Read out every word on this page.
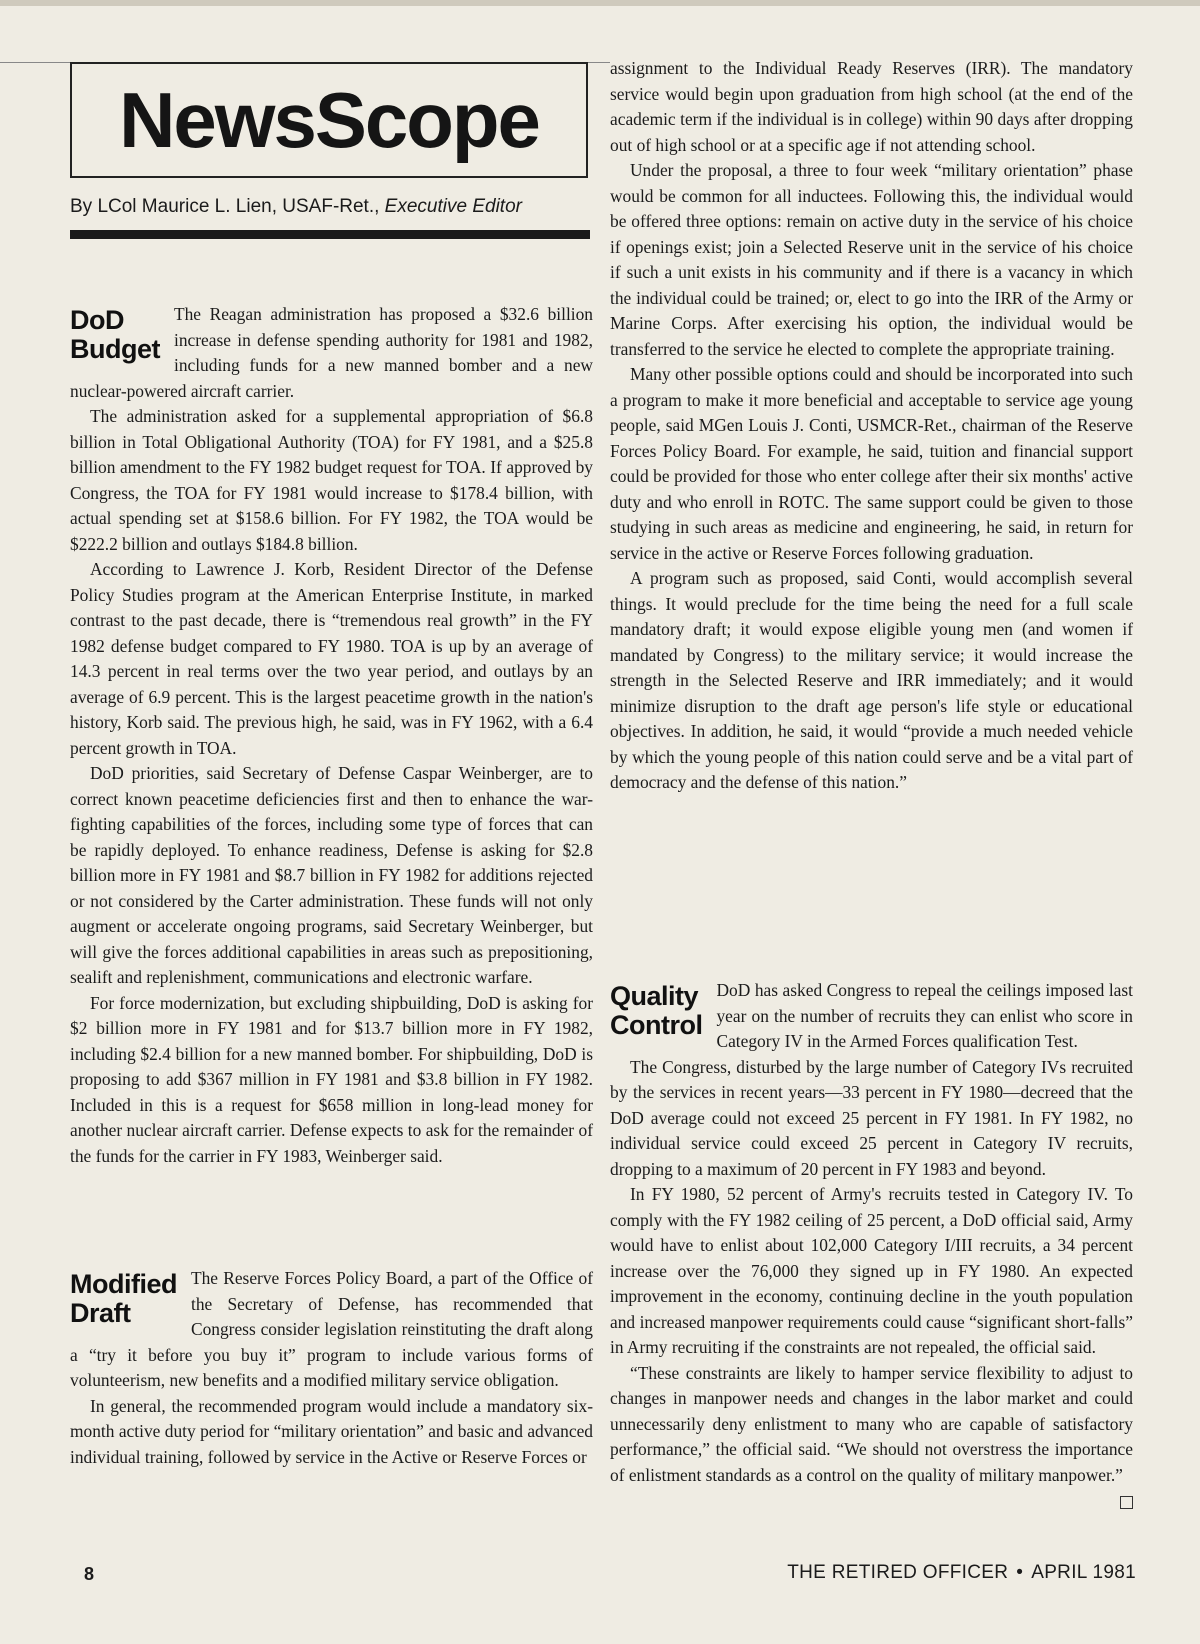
NewsScope
By LCol Maurice L. Lien, USAF-Ret., Executive Editor
DoD
Budget

The Reagan administration has proposed a $32.6 billion increase in defense spending authority for 1981 and 1982, including funds for a new manned bomber and a new nuclear-powered aircraft carrier.

The administration asked for a supplemental appropriation of $6.8 billion in Total Obligational Authority (TOA) for FY 1981, and a $25.8 billion amendment to the FY 1982 budget request for TOA. If approved by Congress, the TOA for FY 1981 would increase to $178.4 billion, with actual spending set at $158.6 billion. For FY 1982, the TOA would be $222.2 billion and outlays $184.8 billion.

According to Lawrence J. Korb, Resident Director of the Defense Policy Studies program at the American Enterprise Institute, in marked contrast to the past decade, there is “tremendous real growth” in the FY 1982 defense budget compared to FY 1980. TOA is up by an average of 14.3 percent in real terms over the two year period, and outlays by an average of 6.9 percent. This is the largest peacetime growth in the nation's history, Korb said. The previous high, he said, was in FY 1962, with a 6.4 percent growth in TOA.

DoD priorities, said Secretary of Defense Caspar Weinberger, are to correct known peacetime deficiencies first and then to enhance the war-fighting capabilities of the forces, including some type of forces that can be rapidly deployed. To enhance readiness, Defense is asking for $2.8 billion more in FY 1981 and $8.7 billion in FY 1982 for additions rejected or not considered by the Carter administration. These funds will not only augment or accelerate ongoing programs, said Secretary Weinberger, but will give the forces additional capabilities in areas such as prepositioning, sealift and replenishment, communications and electronic warfare.

For force modernization, but excluding shipbuilding, DoD is asking for $2 billion more in FY 1981 and for $13.7 billion more in FY 1982, including $2.4 billion for a new manned bomber. For shipbuilding, DoD is proposing to add $367 million in FY 1981 and $3.8 billion in FY 1982. Included in this is a request for $658 million in long-lead money for another nuclear aircraft carrier. Defense expects to ask for the remainder of the funds for the carrier in FY 1983, Weinberger said.

Modified
Draft

The Reserve Forces Policy Board, a part of the Office of the Secretary of Defense, has recommended that Congress consider legislation reinstituting the draft along a “try it before you buy it” program to include various forms of volunteerism, new benefits and a modified military service obligation.

In general, the recommended program would include a mandatory six-month active duty period for “military orientation” and basic and advanced individual training, followed by service in the Active or Reserve Forces or

assignment to the Individual Ready Reserves (IRR). The mandatory service would begin upon graduation from high school (at the end of the academic term if the individual is in college) within 90 days after dropping out of high school or at a specific age if not attending school.

Under the proposal, a three to four week “military orientation” phase would be common for all inductees. Following this, the individual would be offered three options: remain on active duty in the service of his choice if openings exist; join a Selected Reserve unit in the service of his choice if such a unit exists in his community and if there is a vacancy in which the individual could be trained; or, elect to go into the IRR of the Army or Marine Corps. After exercising his option, the individual would be transferred to the service he elected to complete the appropriate training.

Many other possible options could and should be incorporated into such a program to make it more beneficial and acceptable to service age young people, said MGen Louis J. Conti, USMCR-Ret., chairman of the Reserve Forces Policy Board. For example, he said, tuition and financial support could be provided for those who enter college after their six months' active duty and who enroll in ROTC. The same support could be given to those studying in such areas as medicine and engineering, he said, in return for service in the active or Reserve Forces following graduation.

A program such as proposed, said Conti, would accomplish several things. It would preclude for the time being the need for a full scale mandatory draft; it would expose eligible young men (and women if mandated by Congress) to the military service; it would increase the strength in the Selected Reserve and IRR immediately; and it would minimize disruption to the draft age person's life style or educational objectives. In addition, he said, it would “provide a much needed vehicle by which the young people of this nation could serve and be a vital part of democracy and the defense of this nation.”

Quality
Control

DoD has asked Congress to repeal the ceilings imposed last year on the number of recruits they can enlist who score in Category IV in the Armed Forces qualification Test.

The Congress, disturbed by the large number of Category IVs recruited by the services in recent years—33 percent in FY 1980—decreed that the DoD average could not exceed 25 percent in FY 1981. In FY 1982, no individual service could exceed 25 percent in Category IV recruits, dropping to a maximum of 20 percent in FY 1983 and beyond.

In FY 1980, 52 percent of Army's recruits tested in Category IV. To comply with the FY 1982 ceiling of 25 percent, a DoD official said, Army would have to enlist about 102,000 Category I/III recruits, a 34 percent increase over the 76,000 they signed up in FY 1980. An expected improvement in the economy, continuing decline in the youth population and increased manpower requirements could cause “significant short-falls” in Army recruiting if the constraints are not repealed, the official said.

“These constraints are likely to hamper service flexibility to adjust to changes in manpower needs and changes in the labor market and could unnecessarily deny enlistment to many who are capable of satisfactory performance,” the official said. “We should not overstress the importance of enlistment standards as a control on the quality of military manpower.”

8	THE RETIRED OFFICER • APRIL 1981
